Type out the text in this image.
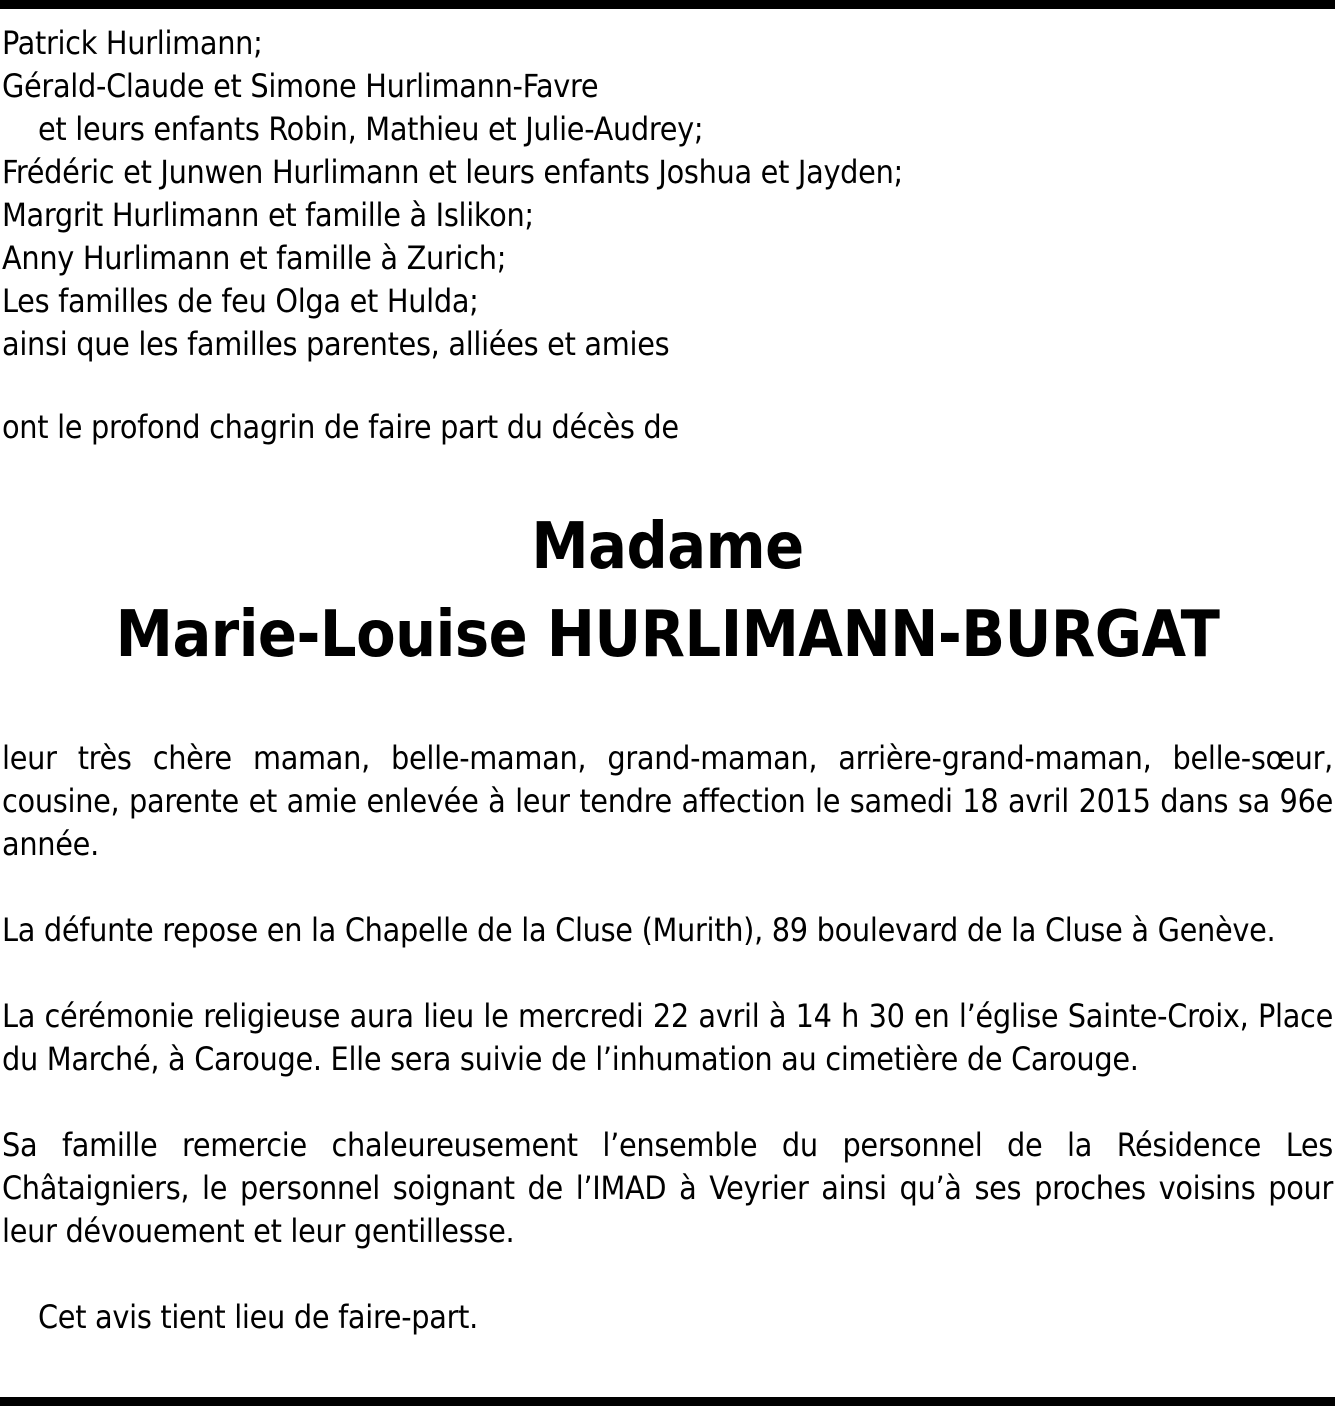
Patrick Hurlimann;
Gérald-Claude et Simone Hurlimann-Favre
et leurs enfants Robin, Mathieu et Julie-Audrey;
Frédéric et Junwen Hurlimann et leurs enfants Joshua et Jayden;
Margrit Hurlimann et famille à Islikon;
Anny Hurlimann et famille à Zurich;
Les familles de feu Olga et Hulda;
ainsi que les familles parentes, alliées et amies
ont le profond chagrin de faire part du décès de
Madame
Marie-Louise HURLIMANN-BURGAT
leur très chère maman, belle-maman, grand-maman, arrière-grand-maman, belle-sœur, cousine, parente et amie enlevée à leur tendre affection le samedi 18 avril 2015 dans sa 96e année.
La défunte repose en la Chapelle de la Cluse (Murith), 89 boulevard de la Cluse à Genève.
La cérémonie religieuse aura lieu le mercredi 22 avril à 14 h 30 en l’église Sainte-Croix, Place du Marché, à Carouge. Elle sera suivie de l’inhumation au cimetière de Carouge.
Sa famille remercie chaleureusement l’ensemble du personnel de la Résidence Les Châtaigniers, le personnel soignant de l’IMAD à Veyrier ainsi qu’à ses proches voisins pour leur dévouement et leur gentillesse.
Cet avis tient lieu de faire-part.
